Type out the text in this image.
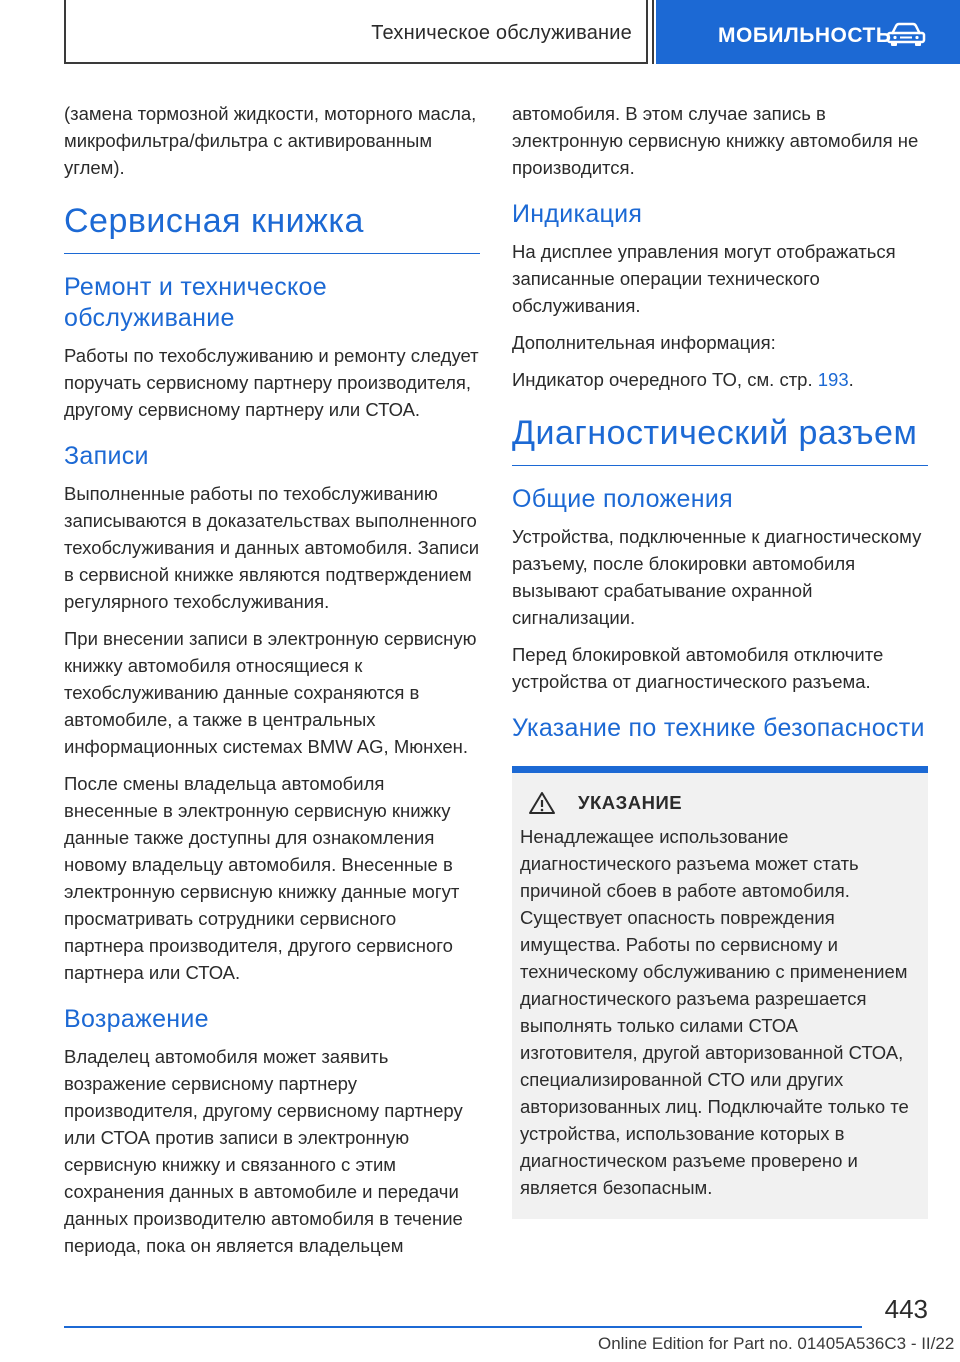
Техническое обслуживание	МОБИЛЬНОСТЬ

(замена тормозной жидкости, моторного масла, микрофильтра/фильтра с активированным углем).

Сервисная книжка
Ремонт и техническое обслуживание

Работы по техобслуживанию и ремонту следует поручать сервисному партнеру производителя, другому сервисному партнеру или СТОА.

Записи

Выполненные работы по техобслуживанию записываются в доказательствах выполненного техобслуживания и данных автомобиля. Записи в сервисной книжке являются подтверждением регулярного техобслуживания.

При внесении записи в электронную сервисную книжку автомобиля относящиеся к техобслуживанию данные сохраняются в автомобиле, а также в центральных информационных системах BMW AG, Мюнхен.

После смены владельца автомобиля внесенные в электронную сервисную книжку данные также доступны для ознакомления новому владельцу автомобиля. Внесенные в электронную сервисную книжку данные могут просматривать сотрудники сервисного партнера производителя, другого сервисного партнера или СТОА.

Возражение

Владелец автомобиля может заявить возражение сервисному партнеру производителя, другому сервисному партнеру или СТОА против записи в электронную сервисную книжку и связанного с этим сохранения данных в автомобиле и передачи данных производителю автомобиля в течение периода, пока он является владельцем

автомобиля. В этом случае запись в электронную сервисную книжку автомобиля не производится.

Индикация

На дисплее управления могут отображаться записанные операции технического обслуживания.

Дополнительная информация:

Индикатор очередного ТО, см. стр. 193.

Диагностический разъем
Общие положения

Устройства, подключенные к диагностическому разъему, после блокировки автомобиля вызывают срабатывание охранной сигнализации.

Перед блокировкой автомобиля отключите устройства от диагностического разъема.

Указание по технике безопасности
УКАЗАНИЕ

Ненадлежащее использование диагностического разъема может стать причиной сбоев в работе автомобиля. Существует опасность повреждения имущества. Работы по сервисному и техническому обслуживанию с применением диагностического разъема разрешается выполнять только силами СТОА изготовителя, другой авторизованной СТОА, специализированной СТО или других авторизованных лиц. Подключайте только те устройства, использование которых в диагностическом разъеме проверено и является безопасным.

443
Online Edition for Part no. 01405A536C3 - II/22
